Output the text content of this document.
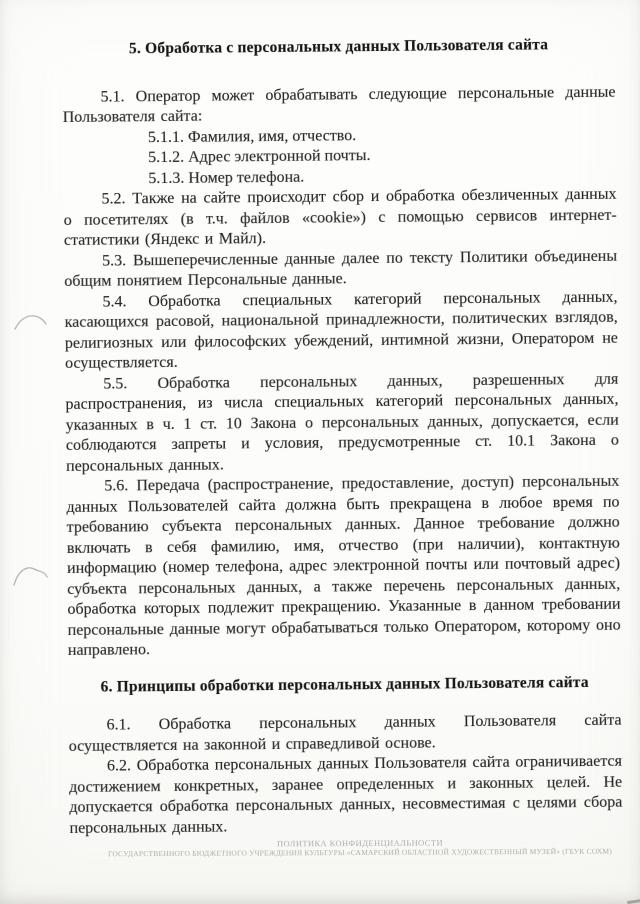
5. Обработка с персональных данных Пользователя сайта

5.1. Оператор может обрабатывать следующие персональные данные Пользователя сайта:

5.1.1. Фамилия, имя, отчество.
5.1.2. Адрес электронной почты.
5.1.3. Номер телефона.

5.2. Также на сайте происходит сбор и обработка обезличенных данных о посетителях (в т.ч. файлов «cookie») с помощью сервисов интернет-статистики (Яндекс и Майл).

5.3. Вышеперечисленные данные далее по тексту Политики объединены общим понятием Персональные данные.

5.4. Обработка специальных категорий персональных данных, касающихся расовой, национальной принадлежности, политических взглядов, религиозных или философских убеждений, интимной жизни, Оператором не осуществляется.

5.5. Обработка персональных данных, разрешенных для распространения, из числа специальных категорий персональных данных, указанных в ч. 1 ст. 10 Закона о персональных данных, допускается, если соблюдаются запреты и условия, предусмотренные ст. 10.1 Закона о персональных данных.

5.6. Передача (распространение, предоставление, доступ) персональных данных Пользователей сайта должна быть прекращена в любое время по требованию субъекта персональных данных. Данное требование должно включать в себя фамилию, имя, отчество (при наличии), контактную информацию (номер телефона, адрес электронной почты или почтовый адрес) субъекта персональных данных, а также перечень персональных данных, обработка которых подлежит прекращению. Указанные в данном требовании персональные данные могут обрабатываться только Оператором, которому оно направлено.

6. Принципы обработки персональных данных Пользователя сайта

6.1. Обработка персональных данных Пользователя сайта осуществляется на законной и справедливой основе.

6.2. Обработка персональных данных Пользователя сайта ограничивается достижением конкретных, заранее определенных и законных целей. Не допускается обработка персональных данных, несовместимая с целями сбора персональных данных.

ПОЛИТИКА КОНФИДЕНЦИАЛЬНОСТИ
ГОСУДАРСТВЕННОГО БЮДЖЕТНОГО УЧРЕЖДЕНИЯ КУЛЬТУРЫ «САМАРСКИЙ ОБЛАСТНОЙ ХУДОЖЕСТВЕННЫЙ МУЗЕЙ» (ГБУК СОХМ)
